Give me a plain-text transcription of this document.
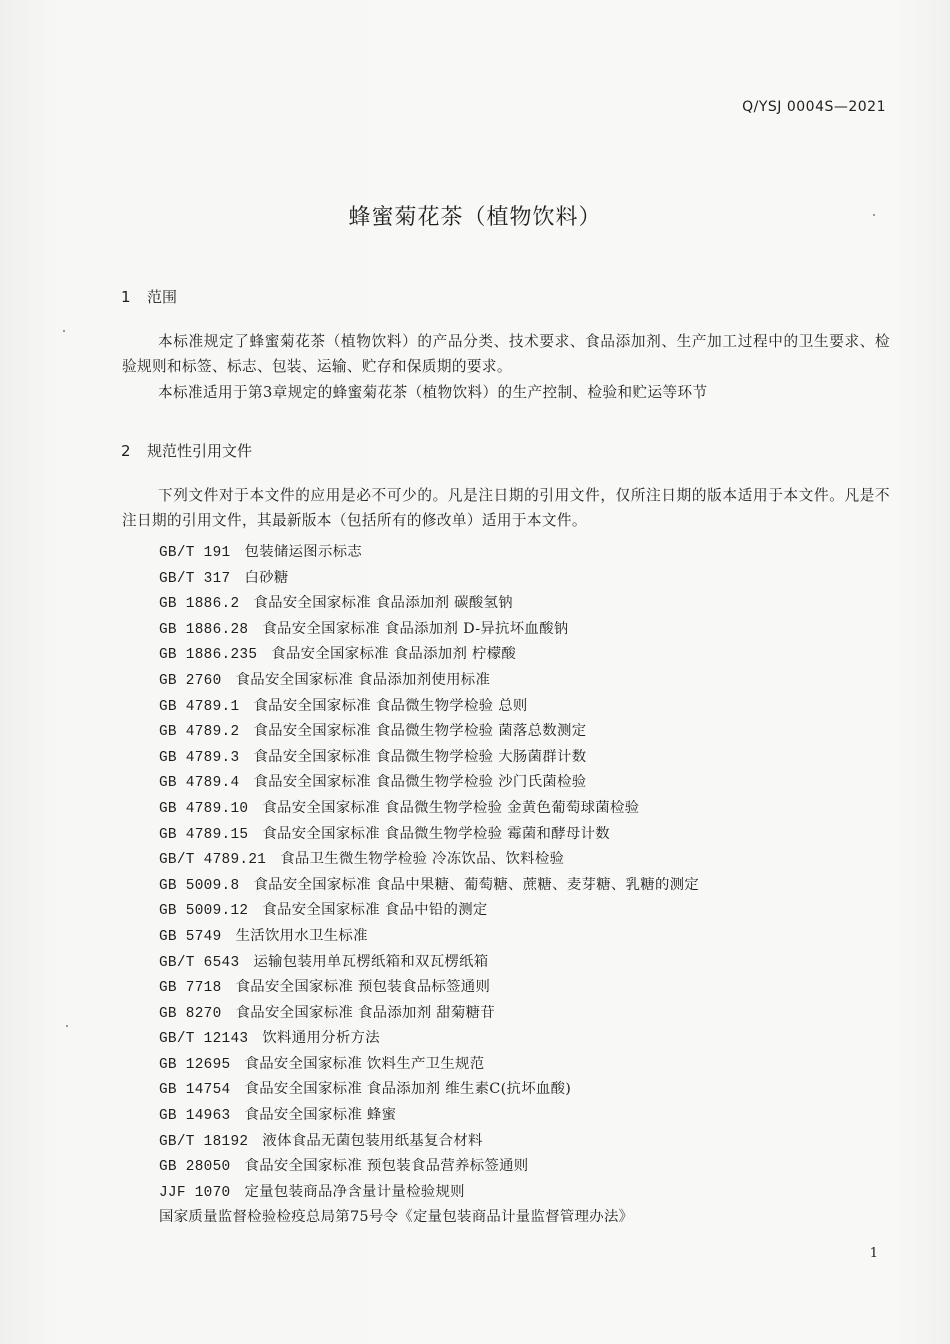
Q/YSJ 0004S—2021
蜂蜜菊花茶（植物饮料）
1 范围

本标准规定了蜂蜜菊花茶（植物饮料）的产品分类、技术要求、食品添加剂、生产加工过程中的卫生要求、检验规则和标签、标志、包装、运输、贮存和保质期的要求。

本标准适用于第3章规定的蜂蜜菊花茶（植物饮料）的生产控制、检验和贮运等环节

2 规范性引用文件

下列文件对于本文件的应用是必不可少的。凡是注日期的引用文件，仅所注日期的版本适用于本文件。凡是不注日期的引用文件，其最新版本（包括所有的修改单）适用于本文件。

GB/T 191 包装储运图示标志
GB/T 317 白砂糖
GB 1886.2 食品安全国家标准 食品添加剂 碳酸氢钠
GB 1886.28 食品安全国家标准 食品添加剂 D-异抗坏血酸钠
GB 1886.235 食品安全国家标准 食品添加剂 柠檬酸
GB 2760 食品安全国家标准 食品添加剂使用标准
GB 4789.1 食品安全国家标准 食品微生物学检验 总则
GB 4789.2 食品安全国家标准 食品微生物学检验 菌落总数测定
GB 4789.3 食品安全国家标准 食品微生物学检验 大肠菌群计数
GB 4789.4 食品安全国家标准 食品微生物学检验 沙门氏菌检验
GB 4789.10 食品安全国家标准 食品微生物学检验 金黄色葡萄球菌检验
GB 4789.15 食品安全国家标准 食品微生物学检验 霉菌和酵母计数
GB/T 4789.21 食品卫生微生物学检验 冷冻饮品、饮料检验
GB 5009.8 食品安全国家标准 食品中果糖、葡萄糖、蔗糖、麦芽糖、乳糖的测定
GB 5009.12 食品安全国家标准 食品中铅的测定
GB 5749 生活饮用水卫生标准
GB/T 6543 运输包装用单瓦楞纸箱和双瓦楞纸箱
GB 7718 食品安全国家标准 预包装食品标签通则
GB 8270 食品安全国家标准 食品添加剂 甜菊糖苷
GB/T 12143 饮料通用分析方法
GB 12695 食品安全国家标准 饮料生产卫生规范
GB 14754 食品安全国家标准 食品添加剂 维生素C(抗坏血酸)
GB 14963 食品安全国家标准 蜂蜜
GB/T 18192 液体食品无菌包装用纸基复合材料
GB 28050 食品安全国家标准 预包装食品营养标签通则
JJF 1070 定量包装商品净含量计量检验规则
国家质量监督检验检疫总局第75号令《定量包装商品计量监督管理办法》
1
